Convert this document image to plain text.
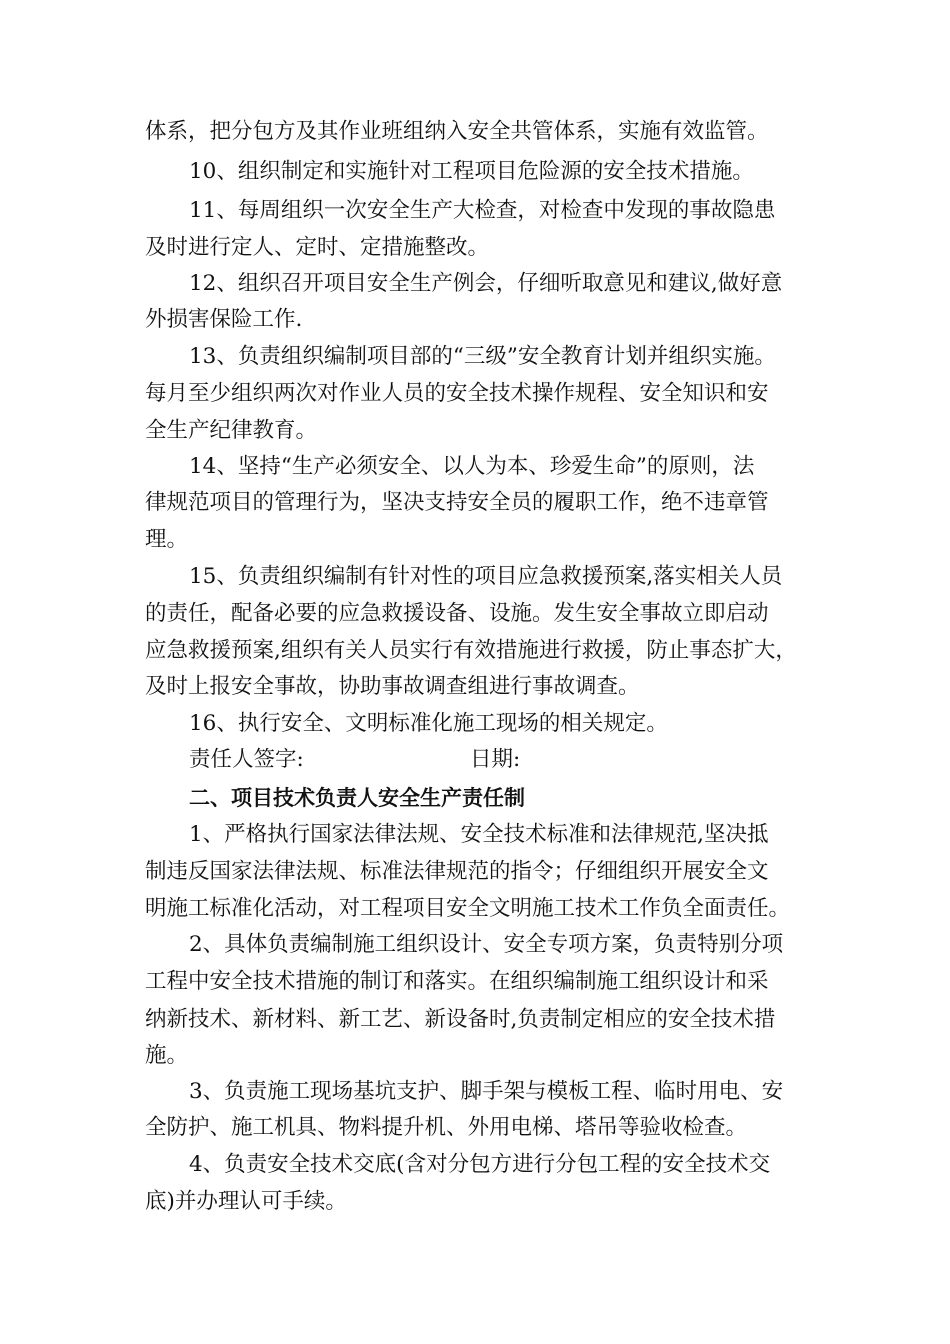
体系，把分包方及其作业班组纳入安全共管体系，实施有效监管。
10、组织制定和实施针对工程项目危险源的安全技术措施。
11、每周组织一次安全生产大检查，对检查中发现的事故隐患
及时进行定人、定时、定措施整改。
12、组织召开项目安全生产例会，仔细听取意见和建议,做好意
外损害保险工作.
13、负责组织编制项目部的“三级”安全教育计划并组织实施。
每月至少组织两次对作业人员的安全技术操作规程、安全知识和安
全生产纪律教育。
14、坚持“生产必须安全、以人为本、珍爱生命”的原则，法
律规范项目的管理行为，坚决支持安全员的履职工作，绝不违章管
理。
15、负责组织编制有针对性的项目应急救援预案,落实相关人员
的责任，配备必要的应急救援设备、设施。发生安全事故立即启动
应急救援预案,组织有关人员实行有效措施进行救援，防止事态扩大，
及时上报安全事故，协助事故调查组进行事故调查。
16、执行安全、文明标准化施工现场的相关规定。
责任人签字:	日期:
二、项目技术负责人安全生产责任制
1、严格执行国家法律法规、安全技术标准和法律规范,坚决抵
制违反国家法律法规、标准法律规范的指令；仔细组织开展安全文
明施工标准化活动，对工程项目安全文明施工技术工作负全面责任。
2、具体负责编制施工组织设计、安全专项方案，负责特别分项
工程中安全技术措施的制订和落实。在组织编制施工组织设计和采
纳新技术、新材料、新工艺、新设备时,负责制定相应的安全技术措
施。
3、负责施工现场基坑支护、脚手架与模板工程、临时用电、安
全防护、施工机具、物料提升机、外用电梯、塔吊等验收检查。
4、负责安全技术交底(含对分包方进行分包工程的安全技术交
底)并办理认可手续。
